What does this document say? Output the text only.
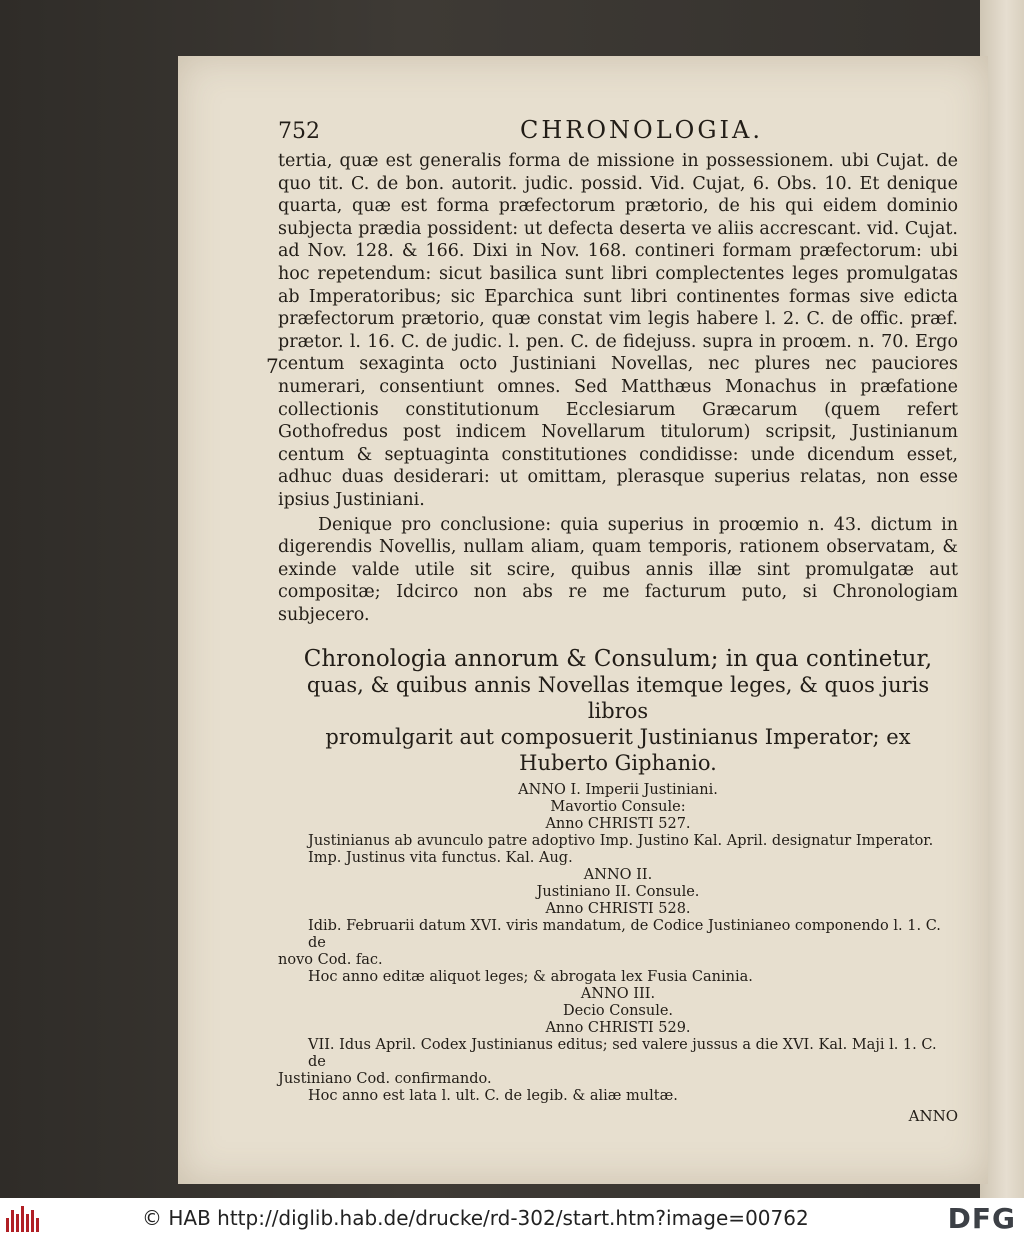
7
752	CHRONOLOGIA.

tertia, quæ est generalis forma de missione in possessionem. ubi Cujat. de quo tit. C. de bon. autorit. judic. possid. Vid. Cujat, 6. Obs. 10. Et denique quarta, quæ est forma præfectorum prætorio, de his qui eidem dominio subjecta prædia possident: ut defecta deserta ve aliis accrescant. vid. Cujat. ad Nov. 128. & 166. Dixi in Nov. 168. contineri formam præfectorum: ubi hoc repetendum: sicut basilica sunt libri complectentes leges promulgatas ab Imperatoribus; sic Eparchica sunt libri continentes formas sive edicta præfectorum prætorio, quæ constat vim legis habere l. 2. C. de offic. præf. prætor. l. 16. C. de judic. l. pen. C. de fidejuss. supra in proœm. n. 70. Ergo centum sexaginta octo Justiniani Novellas, nec plures nec pauciores numerari, consentiunt omnes. Sed Matthæus Monachus in præfatione collectionis constitutionum Ecclesiarum Græcarum (quem refert Gothofredus post indicem Novellarum titulorum) scripsit, Justinianum centum & septuaginta constitutiones condidisse: unde dicendum esset, adhuc duas desiderari: ut omittam, plerasque superius relatas, non esse ipsius Justiniani.

Denique pro conclusione: quia superius in proœmio n. 43. dictum in digerendis Novellis, nullam aliam, quam temporis, rationem observatam, & exinde valde utile sit scire, quibus annis illæ sint promulgatæ aut compositæ; Idcirco non abs re me facturum puto, si Chronologiam subjecero.

Chronologia annorum & Consulum; in qua continetur,
quas, & quibus annis Novellas itemque leges, & quos juris libros
promulgarit aut composuerit Justinianus Imperator; ex Huberto Giphanio.
ANNO I. Imperii Justiniani.
Mavortio Consule:
Anno CHRISTI 527.
Justinianus ab avunculo patre adoptivo Imp. Justino Kal. April. designatur Imperator.
Imp. Justinus vita functus. Kal. Aug.
ANNO II.
Justiniano II. Consule.
Anno CHRISTI 528.
Idib. Februarii datum XVI. viris mandatum, de Codice Justinianeo componendo l. 1. C. de
novo Cod. fac.
Hoc anno editæ aliquot leges; & abrogata lex Fusia Caninia.
ANNO III.
Decio Consule.
Anno CHRISTI 529.
VII. Idus April. Codex Justinianus editus; sed valere jussus a die XVI. Kal. Maji l. 1. C. de
Justiniano Cod. confirmando.
Hoc anno est lata l. ult. C. de legib. & aliæ multæ.
ANNO
© HAB http://diglib.hab.de/drucke/rd-302/start.htm?image=00762	DFG
